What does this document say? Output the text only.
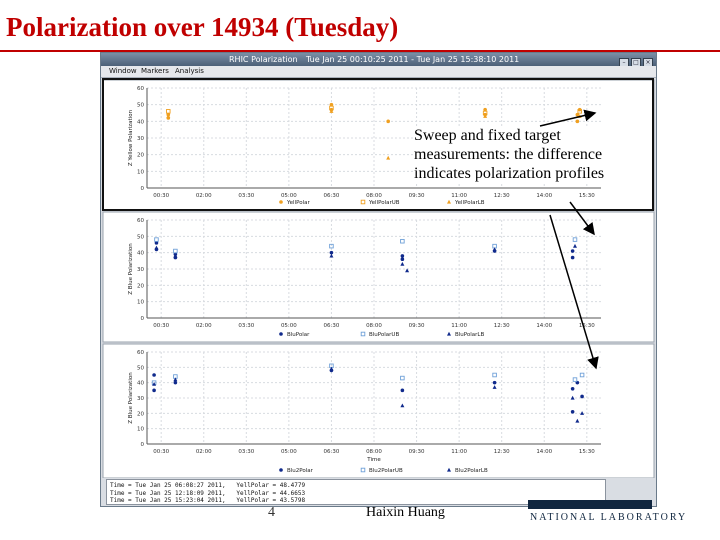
Polarization over 14934 (Tuesday)
RHIC Polarization Tue Jan 25 00:10:25 2011 - Tue Jan 25 15:38:10 2011	– □ ×
Window Markers Analysis
0
10
20
30
40
50
60
00:30	02:00	03:30	05:00	06:30	08:00	09:30	11:00	12:30	14:00	15:30
Z Yellow Polarization
YellPolar	YellPolarUB	YellPolarLB
0
10
20
30
40
50
60
00:30	02:00	03:30	05:00	06:30	08:00	09:30	11:00	12:30	14:00	15:30
Z Blue Polarization
BluPolar	BluPolarUB	BluPolarLB
0
10
20
30
40
50
60
00:30	02:00	03:30	05:00	06:30	08:00	09:30	11:00	12:30	14:00	15:30
Z Blue Polarization
Time
Blu2Polar	Blu2PolarUB	Blu2PolarLB
Time = Tue Jan 25 06:08:27 2011,   YellPolar = 48.4779
Time = Tue Jan 25 12:18:09 2011,   YellPolar = 44.6653
Time = Tue Jan 25 15:23:04 2011,   YellPolar = 43.5798
Sweep and fixed target measurements: the difference indicates polarization profiles
4	Haixin Huang	NATIONAL LABORATORY
